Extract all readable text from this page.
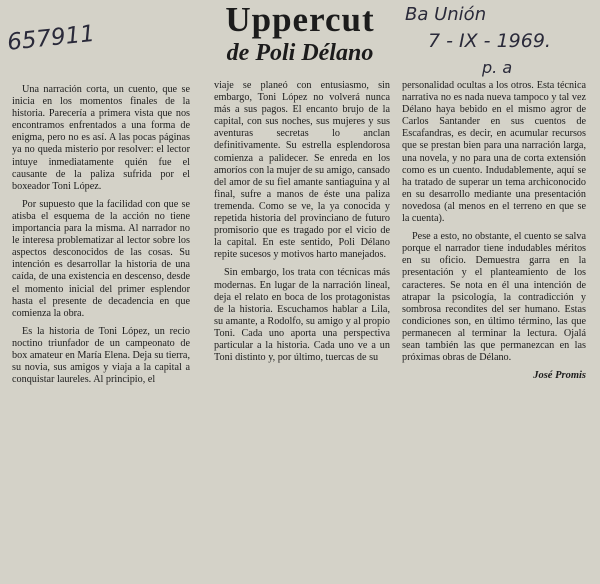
Uppercut
de Poli Délano
657911
Ba Unión
7 - IX - 1969.
p. a

Una narración corta, un cuento, que se inicia en los momentos finales de la historia. Parecería a primera vista que nos encontramos enfrentados a una forma de enigma, pero no es así. A las pocas páginas ya no queda misterio por resolver: el lector intuye inmediatamente quién fue el causante de la paliza sufrida por el boxeador Toni López.

Por supuesto que la facilidad con que se atisba el esquema de la acción no tiene importancia para la misma. Al narrador no le interesa problematizar al lector sobre los aspectos desconocidos de las cosas. Su intención es desarrollar la historia de una caída, de una existencia en descenso, desde el momento inicial del primer esplendor hasta el presente de decadencia en que comienza la obra.

Es la historia de Toni López, un recio noctino triunfador de un campeonato de box amateur en María Elena. Deja su tierra, su novia, sus amigos y viaja a la capital a conquistar laureles. Al principio, el

viaje se planeó con entusiasmo, sin embargo, Toni López no volverá nunca más a sus pagos. El encanto brujo de la capital, con sus noches, sus mujeres y sus aventuras secretas lo anclan definitivamente. Su estrella esplendorosa comienza a palidecer. Se enreda en los amoríos con la mujer de su amigo, cansado del amor de su fiel amante santiaguina y al final, sufre a manos de éste una paliza tremenda. Como se ve, la ya conocida y repetida historia del provinciano de futuro promisorio que es tragado por el vicio de la capital. En este sentido, Poli Délano repite sucesos y motivos harto manejados.

Sin embargo, los trata con técnicas más modernas. En lugar de la narración lineal, deja el relato en boca de los protagonistas de la historia. Escuchamos hablar a Lila, su amante, a Rodolfo, su amigo y al propio Toni. Cada uno aporta una perspectiva particular a la historia. Cada uno ve a un Toni distinto y, por último, tuercas de su

personalidad ocultas a los otros. Esta técnica narrativa no es nada nueva tampoco y tal vez Délano haya bebido en el mismo agror de Carlos Santander en sus cuentos de Escafandras, es decir, en acumular recursos que se prestan bien para una narración larga, una novela, y no para una de corta extensión como es un cuento. Indudablemente, aquí se ha tratado de superar un tema archiconocido en su desarrollo mediante una presentación novedosa (al menos en el terreno en que se la cuenta).

Pese a esto, no obstante, el cuento se salva porque el narrador tiene indudables méritos en su oficio. Demuestra garra en la presentación y el planteamiento de los caracteres. Se nota en él una intención de atrapar la psicología, la contradicción y sombrosa recondites del ser humano. Estas condiciones son, en último término, las que permanecen al terminar la lectura. Ojalá sean también las que permanezcan en las próximas obras de Délano.

José Promis
